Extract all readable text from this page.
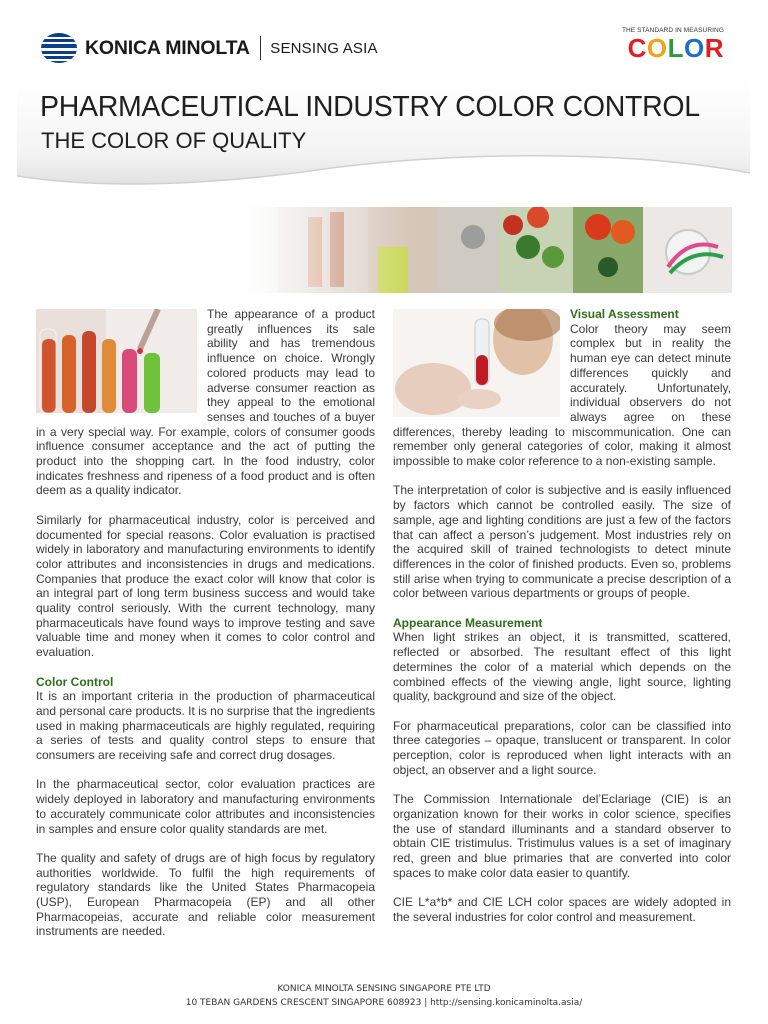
KONICA MINOLTA SENSING ASIA
THE STANDARD IN MEASURING
COLOR
PHARMACEUTICAL INDUSTRY COLOR CONTROL
THE COLOR OF QUALITY

The appearance of a product greatly influences its sale ability and has tremendous influence on choice. Wrongly colored products may lead to adverse consumer reaction as they appeal to the emotional senses and touches of a buyer in a very special way. For example, colors of consumer goods influence consumer acceptance and the act of putting the product into the shopping cart. In the food industry, color indicates freshness and ripeness of a food product and is often deem as a quality indicator.

Similarly for pharmaceutical industry, color is perceived and documented for special reasons. Color evaluation is practised widely in laboratory and manufacturing environments to identify color attributes and inconsistencies in drugs and medications. Companies that produce the exact color will know that color is an integral part of long term business success and would take quality control seriously. With the current technology, many pharmaceuticals have found ways to improve testing and save valuable time and money when it comes to color control and evaluation.

Color Control

It is an important criteria in the production of pharmaceutical and personal care products. It is no surprise that the ingredients used in making pharmaceuticals are highly regulated, requiring a series of tests and quality control steps to ensure that consumers are receiving safe and correct drug dosages.

In the pharmaceutical sector, color evaluation practices are widely deployed in laboratory and manufacturing environments to accurately communicate color attributes and inconsistencies in samples and ensure color quality standards are met.

The quality and safety of drugs are of high focus by regulatory authorities worldwide. To fulfil the high requirements of regulatory standards like the United States Pharmacopeia (USP), European Pharmacopeia (EP) and all other Pharmacopeias, accurate and reliable color measurement instruments are needed.

Visual Assessment

Color theory may seem complex but in reality the human eye can detect minute differences quickly and accurately. Unfortunately, individual observers do not always agree on these differences, thereby leading to miscommunication. One can remember only general categories of color, making it almost impossible to make color reference to a non-existing sample.

The interpretation of color is subjective and is easily influenced by factors which cannot be controlled easily. The size of sample, age and lighting conditions are just a few of the factors that can affect a person’s judgement. Most industries rely on the acquired skill of trained technologists to detect minute differences in the color of finished products. Even so, problems still arise when trying to communicate a precise description of a color between various departments or groups of people.

Appearance Measurement

When light strikes an object, it is transmitted, scattered, reflected or absorbed. The resultant effect of this light determines the color of a material which depends on the combined effects of the viewing angle, light source, lighting quality, background and size of the object.

For pharmaceutical preparations, color can be classified into three categories – opaque, translucent or transparent. In color perception, color is reproduced when light interacts with an object, an observer and a light source.

The Commission Internationale del’Eclariage (CIE) is an organization known for their works in color science, specifies the use of standard illuminants and a standard observer to obtain CIE tristimulus. Tristimulus values is a set of imaginary red, green and blue primaries that are converted into color spaces to make color data easier to quantify.

CIE L*a*b* and CIE LCH color spaces are widely adopted in the several industries for color control and measurement.

KONICA MINOLTA SENSING SINGAPORE PTE LTD
10 TEBAN GARDENS CRESCENT SINGAPORE 608923 | http://sensing.konicaminolta.asia/
